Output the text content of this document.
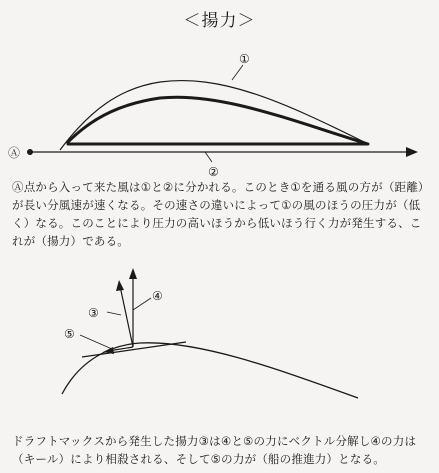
＜揚力＞
Ⓐ
①
②
Ⓐ点から入って来た風は①と②に分かれる。このとき①を通る風の方が（距離）が長い分風速が速くなる。その速さの違いによって①の風のほうの圧力が（低く）なる。このことにより圧力の高いほうから低いほう行く力が発生する、これが（揚力）である。
③
④
⑤
ドラフトマックスから発生した揚力③は④と⑤の力にベクトル分解し④の力は（キール）により相殺される、そして⑤の力が（船の推進力）となる。
